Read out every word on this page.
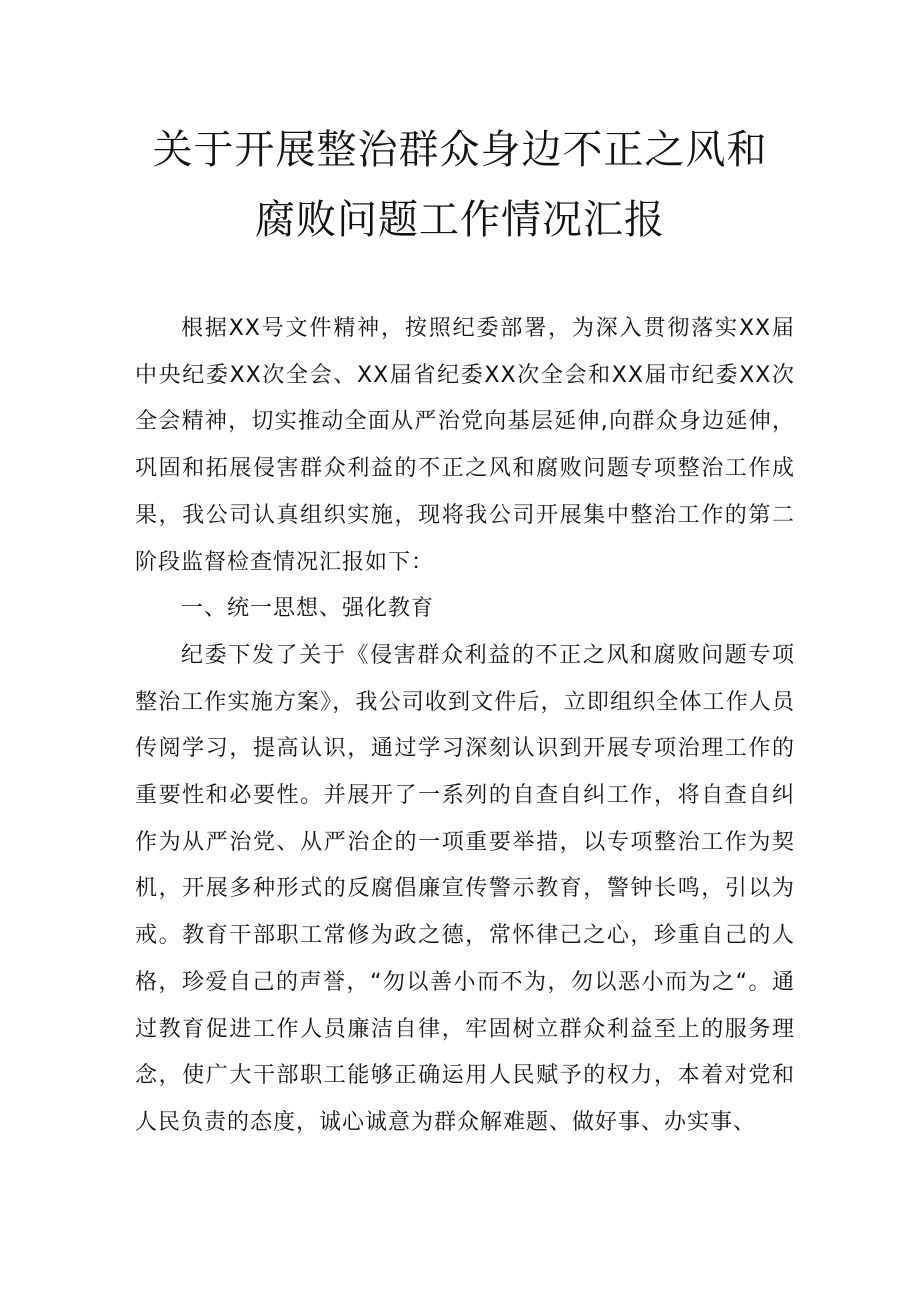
关于开展整治群众身边不正之风和
腐败问题工作情况汇报

根据XX号文件精神，按照纪委部署，为深入贯彻落实XX届中央纪委XX次全会、XX届省纪委XX次全会和XX届市纪委XX次全会精神，切实推动全面从严治党向基层延伸,向群众身边延伸，巩固和拓展侵害群众利益的不正之风和腐败问题专项整治工作成果，我公司认真组织实施，现将我公司开展集中整治工作的第二阶段监督检查情况汇报如下：

一、统一思想、强化教育

纪委下发了关于《侵害群众利益的不正之风和腐败问题专项整治工作实施方案》，我公司收到文件后，立即组织全体工作人员传阅学习，提高认识，通过学习深刻认识到开展专项治理工作的重要性和必要性。并展开了一系列的自查自纠工作，将自查自纠作为从严治党、从严治企的一项重要举措，以专项整治工作为契机，开展多种形式的反腐倡廉宣传警示教育，警钟长鸣，引以为戒。教育干部职工常修为政之德，常怀律己之心，珍重自己的人格，珍爱自己的声誉，“勿以善小而不为，勿以恶小而为之“。通过教育促进工作人员廉洁自律，牢固树立群众利益至上的服务理念，使广大干部职工能够正确运用人民赋予的权力，本着对党和人民负责的态度，诚心诚意为群众解难题、做好事、办实事、
